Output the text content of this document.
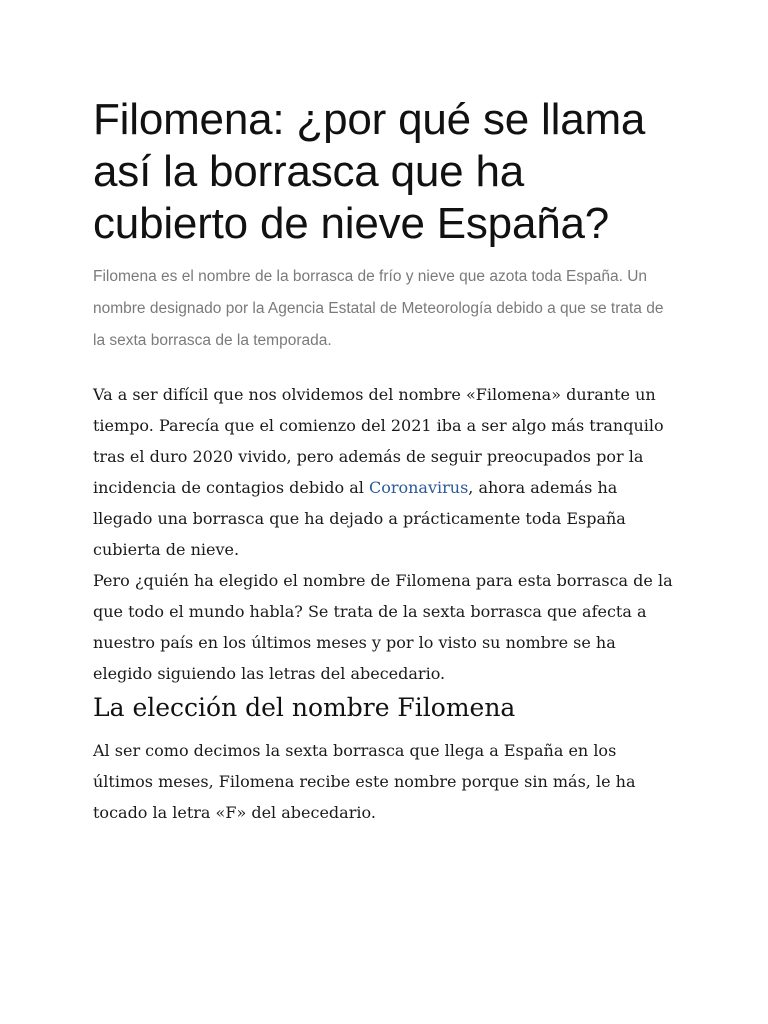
Filomena: ¿por qué se llama así la borrasca que ha cubierto de nieve España?

Filomena es el nombre de la borrasca de frío y nieve que azota toda España. Un nombre designado por la Agencia Estatal de Meteorología debido a que se trata de la sexta borrasca de la temporada.

Va a ser difícil que nos olvidemos del nombre «Filomena» durante un tiempo. Parecía que el comienzo del 2021 iba a ser algo más tranquilo tras el duro 2020 vivido, pero además de seguir preocupados por la incidencia de contagios debido al Coronavirus, ahora además ha llegado una borrasca que ha dejado a prácticamente toda España cubierta de nieve.

Pero ¿quién ha elegido el nombre de Filomena para esta borrasca de la que todo el mundo habla? Se trata de la sexta borrasca que afecta a nuestro país en los últimos meses y por lo visto su nombre se ha elegido siguiendo las letras del abecedario.

La elección del nombre Filomena

Al ser como decimos la sexta borrasca que llega a España en los últimos meses, Filomena recibe este nombre porque sin más, le ha tocado la letra «F» del abecedario.
